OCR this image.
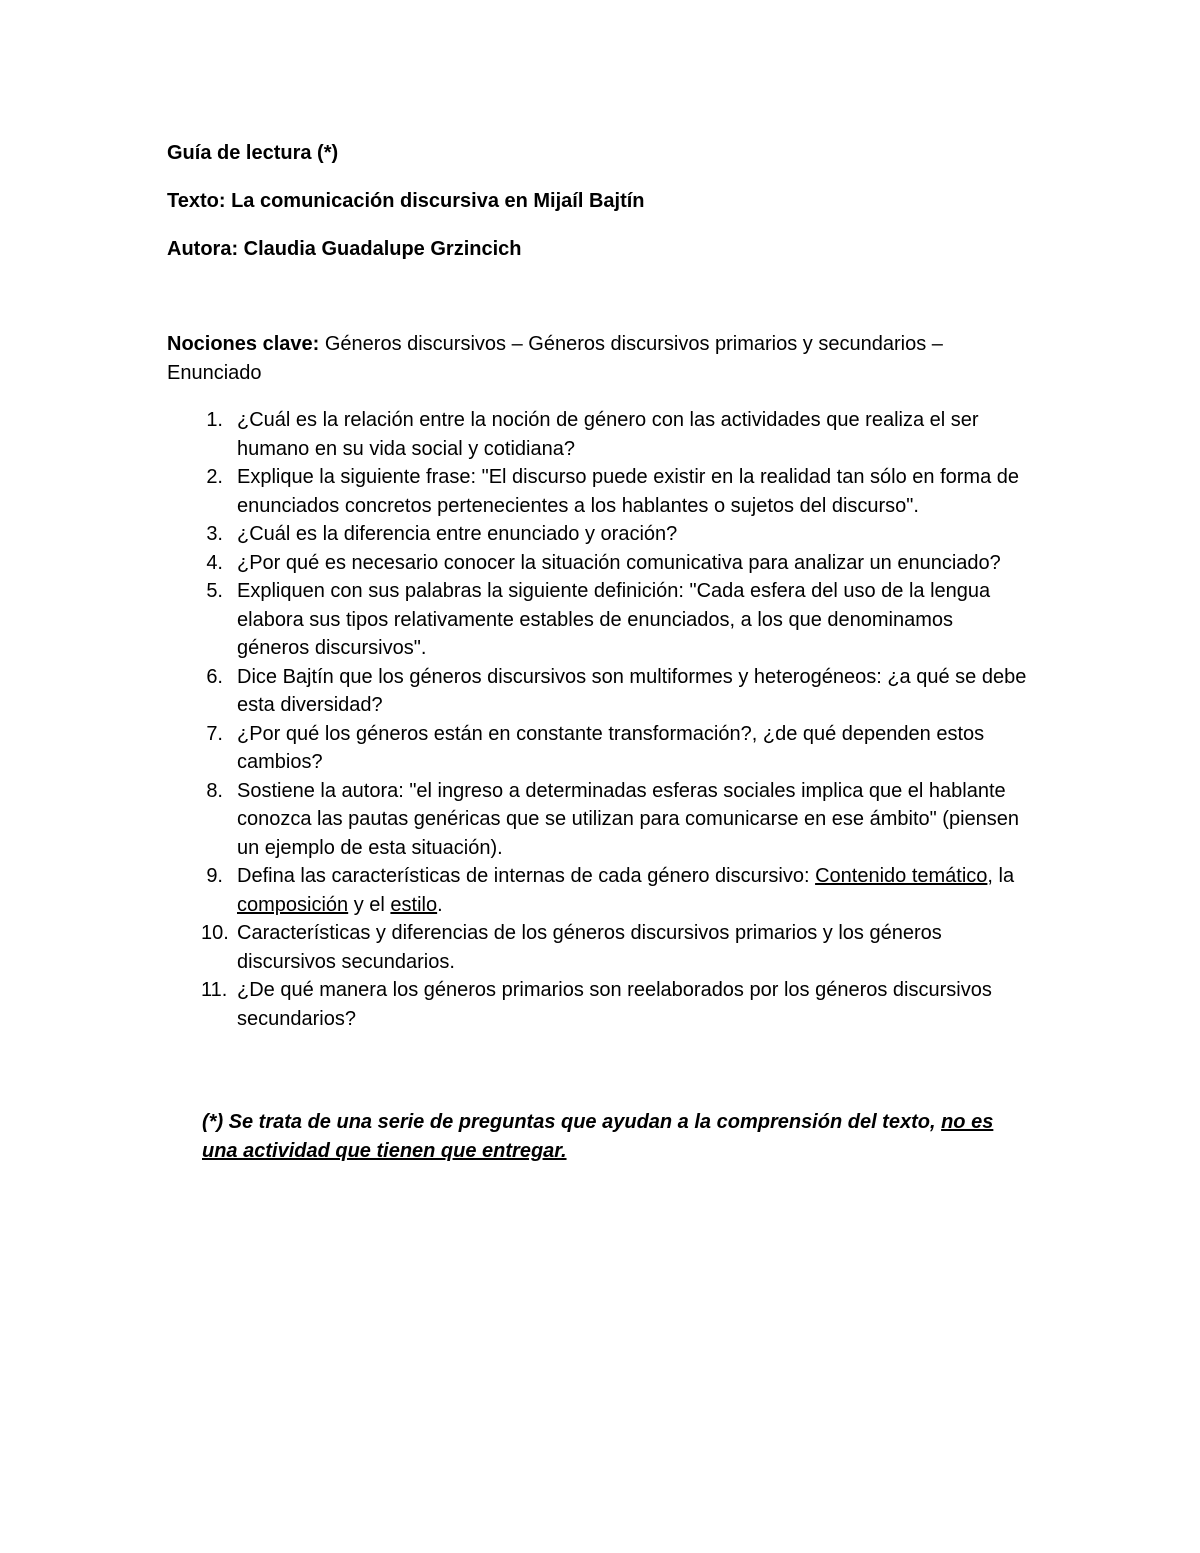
Guía de lectura (*)
Texto: La comunicación discursiva en Mijaíl Bajtín
Autora: Claudia Guadalupe Grzincich
Nociones clave: Géneros discursivos – Géneros discursivos primarios y secundarios – Enunciado
1. ¿Cuál es la relación entre la noción de género con las actividades que realiza el ser humano en su vida social y cotidiana?
2. Explique la siguiente frase: "El discurso puede existir en la realidad tan sólo en forma de enunciados concretos pertenecientes a los hablantes o sujetos del discurso".
3. ¿Cuál es la diferencia entre enunciado y oración?
4. ¿Por qué es necesario conocer la situación comunicativa para analizar un enunciado?
5. Expliquen con sus palabras la siguiente definición: "Cada esfera del uso de la lengua elabora sus tipos relativamente estables de enunciados, a los que denominamos géneros discursivos".
6. Dice Bajtín que los géneros discursivos son multiformes y heterogéneos: ¿a qué se debe esta diversidad?
7. ¿Por qué los géneros están en constante transformación?, ¿de qué dependen estos cambios?
8. Sostiene la autora: "el ingreso a determinadas esferas sociales implica que el hablante conozca las pautas genéricas que se utilizan para comunicarse en ese ámbito" (piensen un ejemplo de esta situación).
9. Defina las características de internas de cada género discursivo: Contenido temático, la composición y el estilo.
10. Características y diferencias de los géneros discursivos primarios y los géneros discursivos secundarios.
11. ¿De qué manera los géneros primarios son reelaborados por los géneros discursivos secundarios?
(*) Se trata de una serie de preguntas que ayudan a la comprensión del texto, no es una actividad que tienen que entregar.
